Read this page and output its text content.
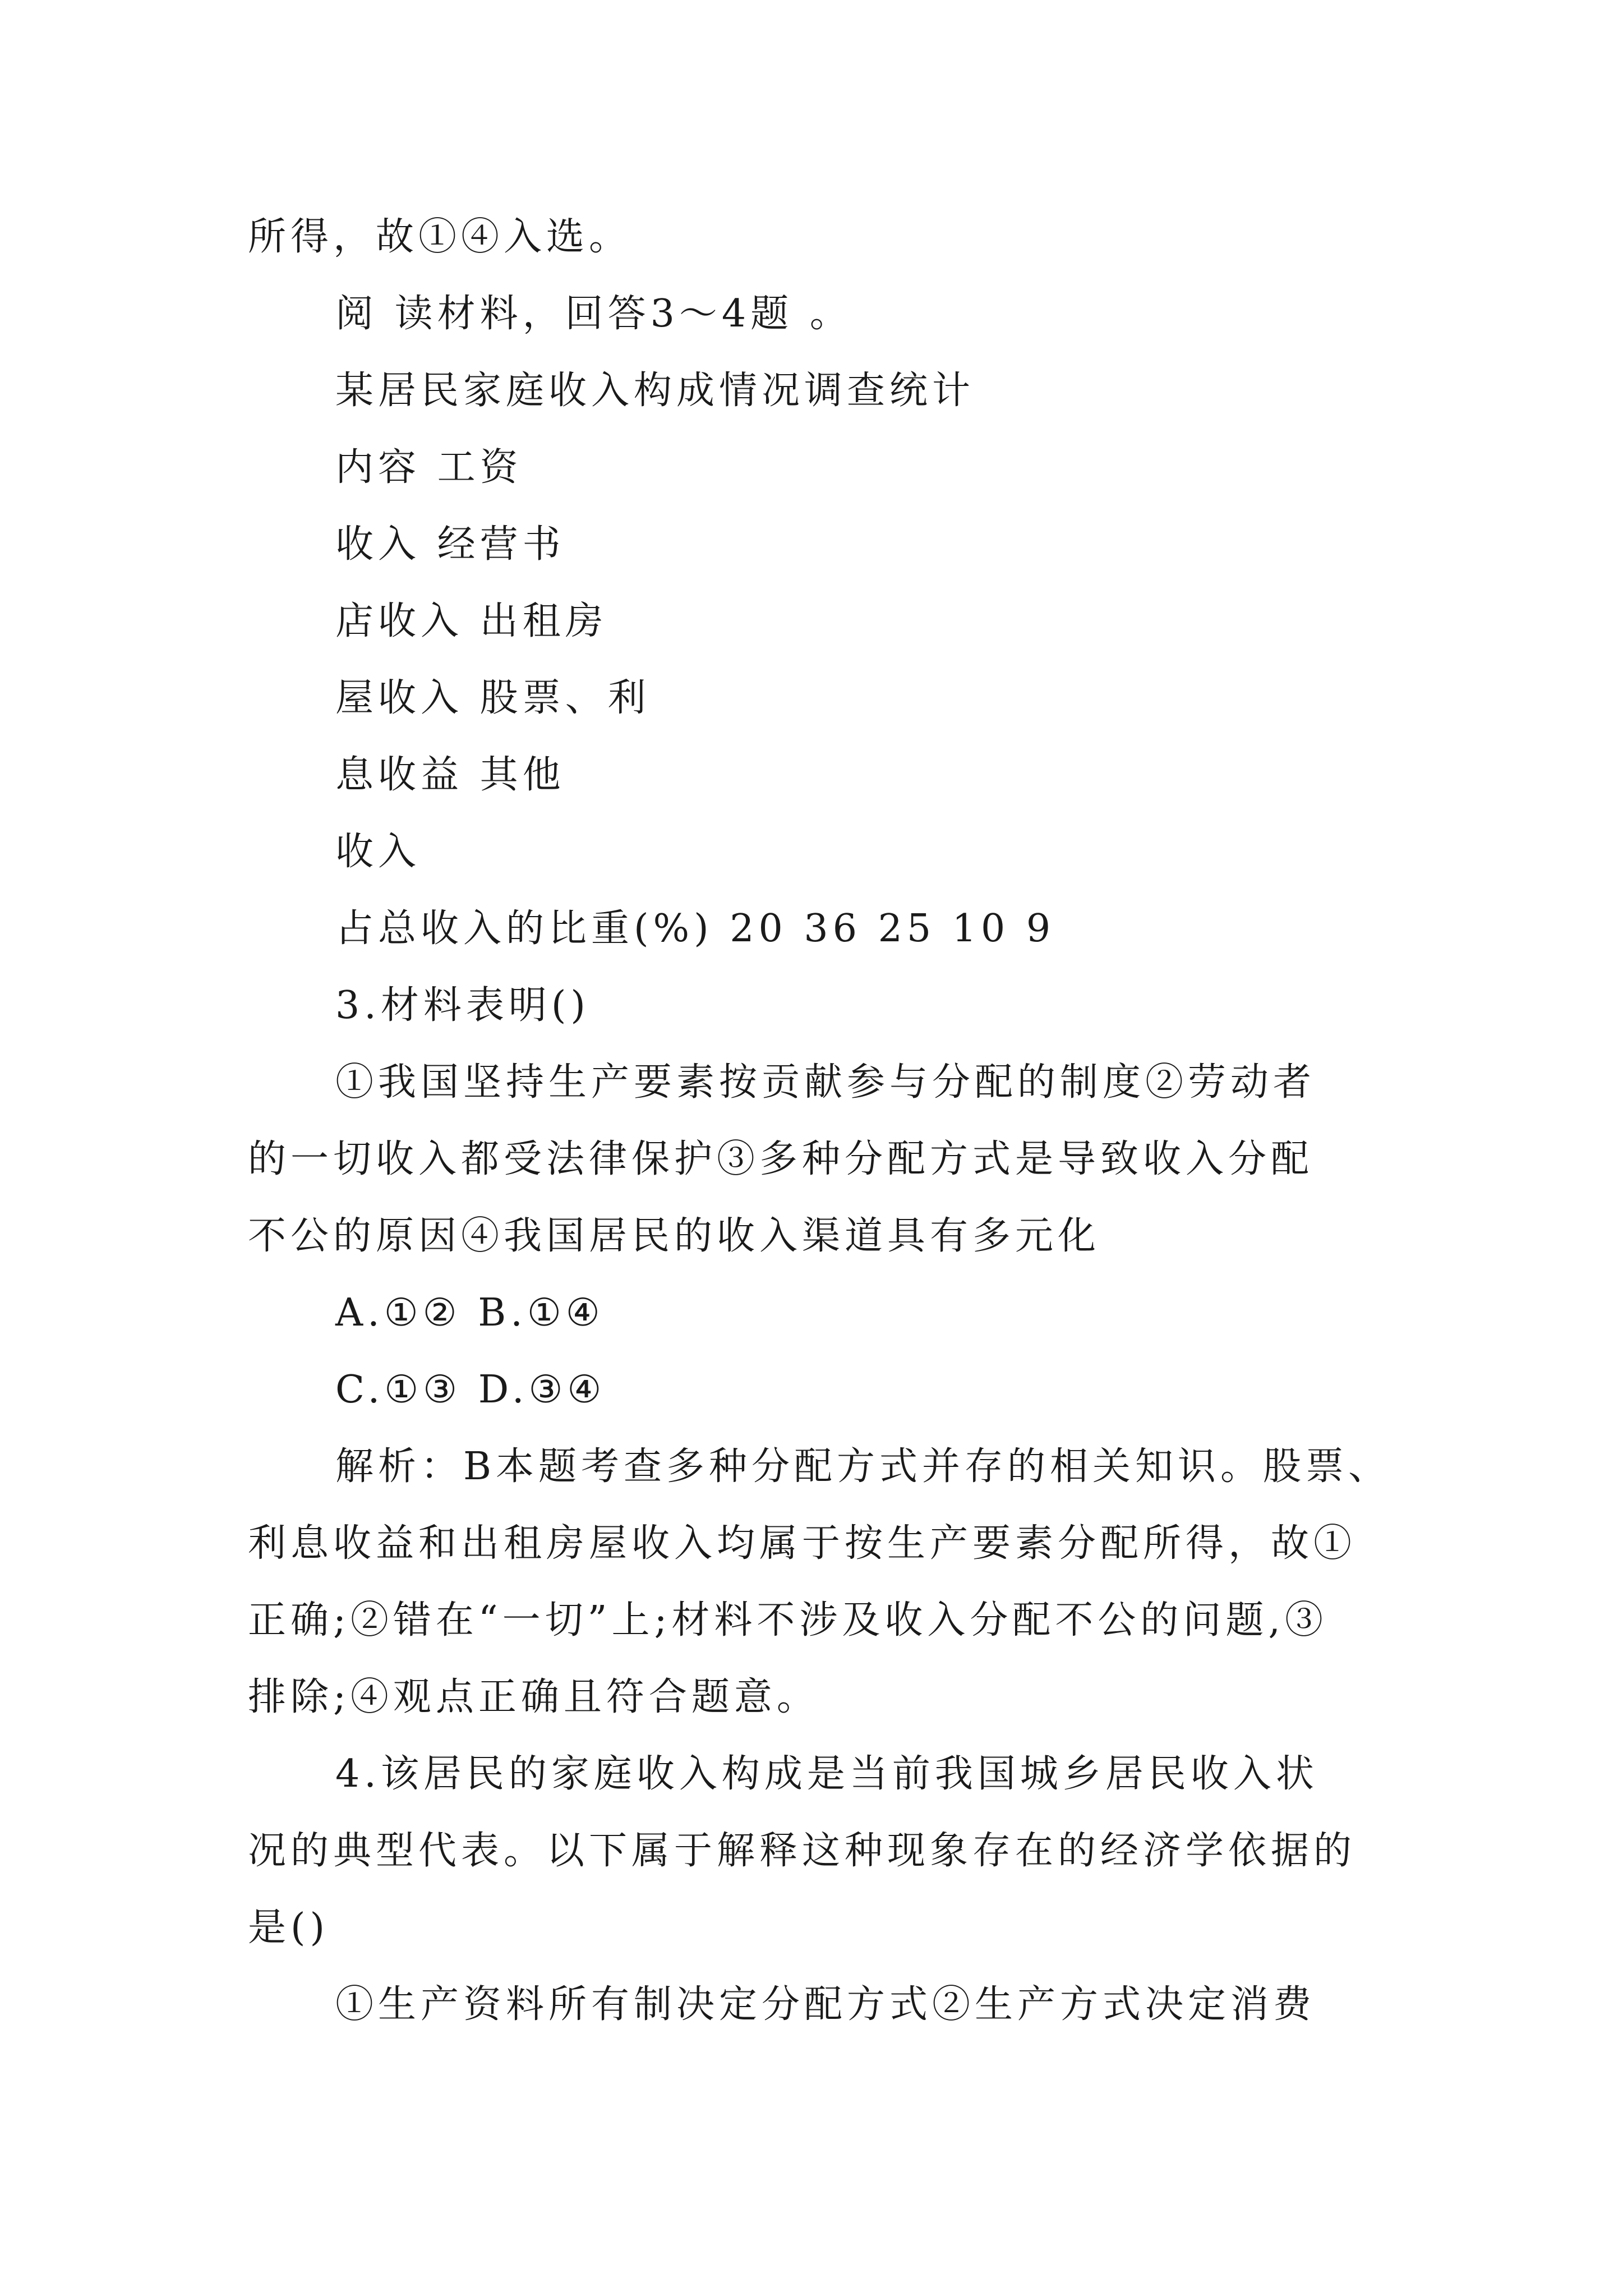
所得，故①④入选。
阅 读材料，回答3～4题 。
某居民家庭收入构成情况调查统计
内容 工资
收入 经营书
店收入 出租房
屋收入 股票、利
息收益 其他
收入
占总收入的比重(%) 20 36 25 10 9
3.材料表明()
①我国坚持生产要素按贡献参与分配的制度②劳动者
的一切收入都受法律保护③多种分配方式是导致收入分配
不公的原因④我国居民的收入渠道具有多元化
A.①② B.①④
C.①③ D.③④
解析：B本题考查多种分配方式并存的相关知识。股票、
利息收益和出租房屋收入均属于按生产要素分配所得，故①
正确;②错在“一切”上;材料不涉及收入分配不公的问题,③
排除;④观点正确且符合题意。
4.该居民的家庭收入构成是当前我国城乡居民收入状
况的典型代表。以下属于解释这种现象存在的经济学依据的
是()
①生产资料所有制决定分配方式②生产方式决定消费
